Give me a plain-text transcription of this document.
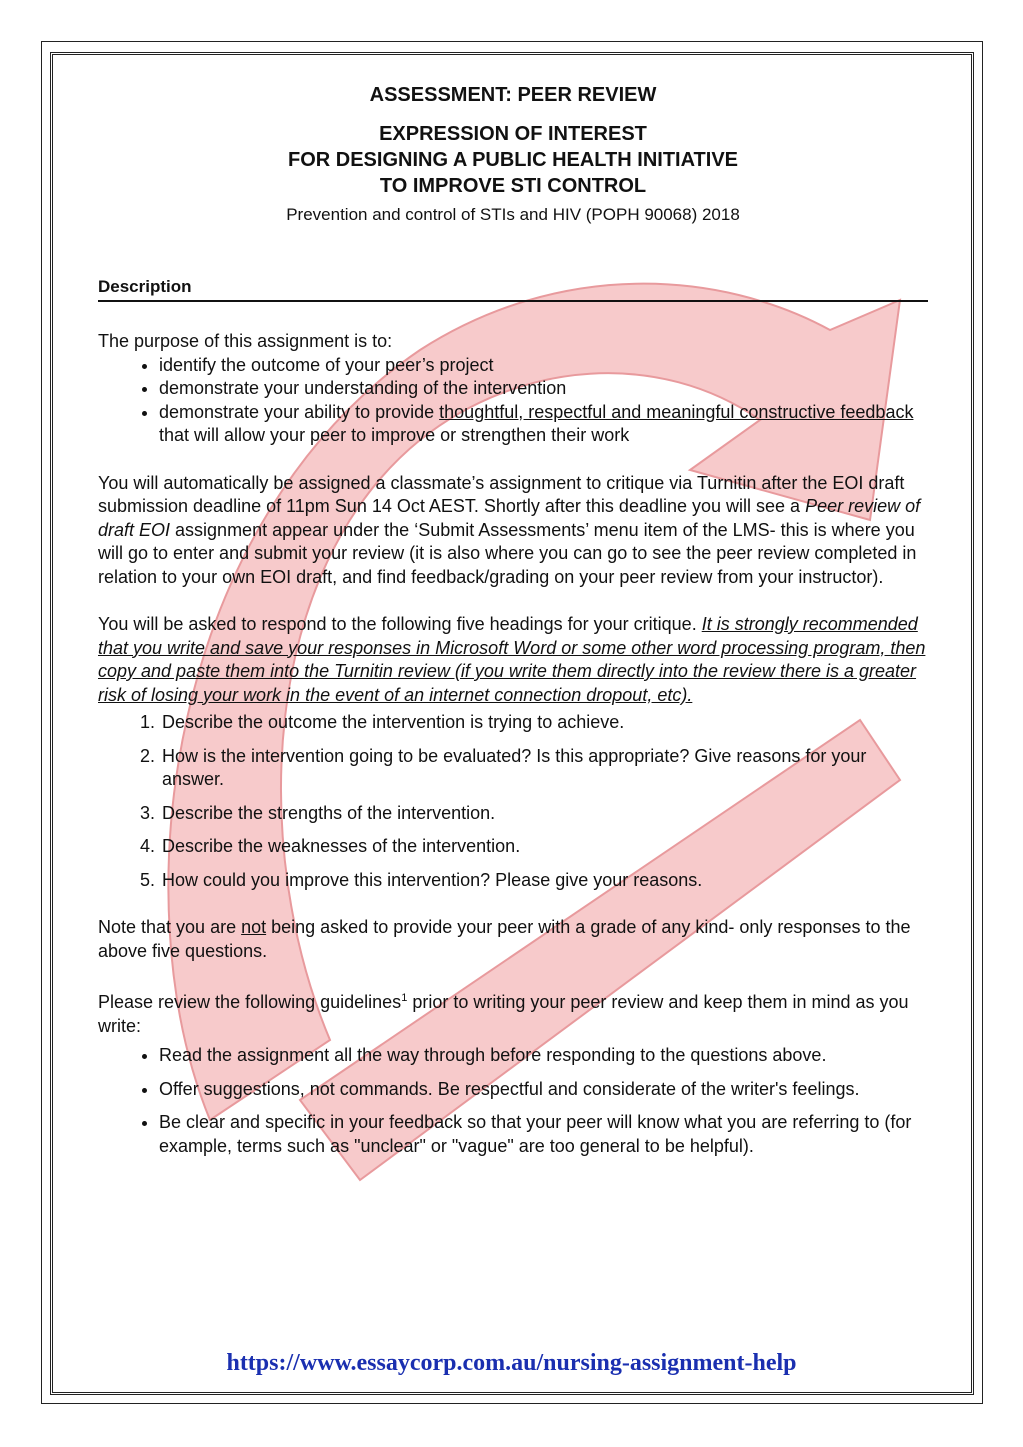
ASSESSMENT: PEER REVIEW
EXPRESSION OF INTEREST
FOR DESIGNING A PUBLIC HEALTH INITIATIVE
TO IMPROVE STI CONTROL
Prevention and control of STIs and HIV (POPH 90068) 2018
Description

The purpose of this assignment is to:

• identify the outcome of your peer’s project
• demonstrate your understanding of the intervention
• demonstrate your ability to provide thoughtful, respectful and meaningful constructive feedback that will allow your peer to improve or strengthen their work

You will automatically be assigned a classmate’s assignment to critique via Turnitin after the EOI draft submission deadline of 11pm Sun 14 Oct AEST. Shortly after this deadline you will see a Peer review of draft EOI assignment appear under the ‘Submit Assessments’ menu item of the LMS- this is where you will go to enter and submit your review (it is also where you can go to see the peer review completed in relation to your own EOI draft, and find feedback/grading on your peer review from your instructor).

You will be asked to respond to the following five headings for your critique. It is strongly recommended that you write and save your responses in Microsoft Word or some other word processing program, then copy and paste them into the Turnitin review (if you write them directly into the review there is a greater risk of losing your work in the event of an internet connection dropout, etc).

1. Describe the outcome the intervention is trying to achieve.
2. How is the intervention going to be evaluated? Is this appropriate? Give reasons for your answer.
3. Describe the strengths of the intervention.
4. Describe the weaknesses of the intervention.
5. How could you improve this intervention? Please give your reasons.

Note that you are not being asked to provide your peer with a grade of any kind- only responses to the above five questions.

Please review the following guidelines$^1$ prior to writing your peer review and keep them in mind as you write:

• Read the assignment all the way through before responding to the questions above.
• Offer suggestions, not commands. Be respectful and considerate of the writer's feelings.
• Be clear and specific in your feedback so that your peer will know what you are referring to (for example, terms such as "unclear" or "vague" are too general to be helpful).
https://www.essaycorp.com.au/nursing-assignment-help
